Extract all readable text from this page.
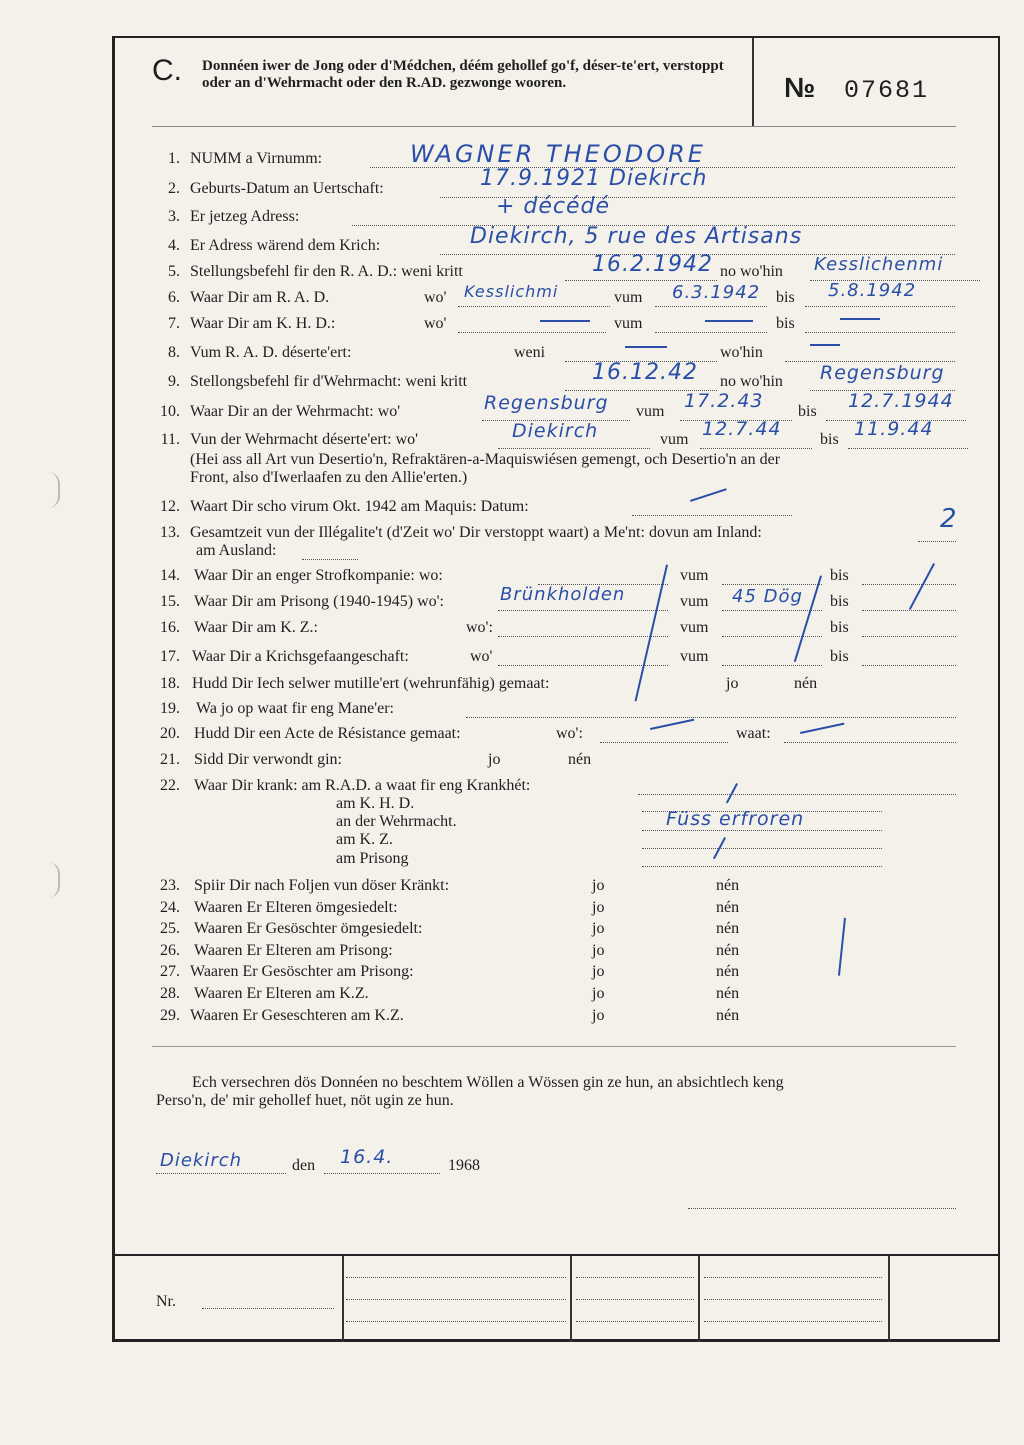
C. Donnéen iwer de Jong oder d'Médchen, déém gehollef go'f, déser-te'ert, verstoppt oder an d'Wehrmacht oder den R.AD. gezwonge wooren.	№ 07681
1. NUMM a Virnumm:	WAGNER THEODORE
2. Geburts-Datum an Uertschaft:	17.9.1921 Diekirch
3. Er jetzeg Adress:	+ décédé
4. Er Adress wärend dem Krich:	Diekirch, 5 rue des Artisans
5. Stellungsbefehl fir den R. A. D.: weni kritt	no wo'hin
16.2.1942	Kesslichenmi
6. Waar Dir am R. A. D.	wo'	vum	bis
Kesslichmi	6.3.1942	5.8.1942
7. Waar Dir am K. H. D.:	wo'	vum	bis
8. Vum R. A. D. déserte'ert:	weni	wo'hin
9. Stellongsbefehl fir d'Wehrmacht: weni kritt	no wo'hin
16.12.42	Regensburg
10. Waar Dir an der Wehrmacht: wo'	vum	bis
Regensburg	17.2.43	12.7.1944
11. Vun der Wehrmacht déserte'ert: wo'	vum	bis
Diekirch	12.7.44	11.9.44
(Hei ass all Art vun Desertio'n, Refraktären-a-Maquiswiésen gemengt, och Desertio'n an der
Front, also d'Iwerlaafen zu den Allie'erten.)
12. Waart Dir scho virum Okt. 1942 am Maquis: Datum:
13. Gesamtzeit vun der Illégalite't (d'Zeit wo' Dir verstoppt waart) a Me'nt: dovun am Inland:	2
am Ausland:
14. Waar Dir an enger Strofkompanie: wo:	vum	bis
15. Waar Dir am Prisong (1940-1945) wo':	vum	bis
Brünkholden	45 Dög
16. Waar Dir am K. Z.:	wo':	vum	bis
17. Waar Dir a Krichsgefaangeschaft:	wo'	vum	bis
18. Hudd Dir Iech selwer mutille'ert (wehrunfähig) gemaat:	jo	nén
19. Wa jo op waat fir eng Mane'er:
20. Hudd Dir een Acte de Résistance gemaat:	wo':	waat:
21. Sidd Dir verwondt gin:	jo	nén
22. Waar Dir krank: am R.A.D. a waat fir eng Krankhét:
am K. H. D.
an der Wehrmacht.
am K. Z.
am Prisong
Füss erfroren
23. Spiir Dir nach Foljen vun döser Kränkt:	jo	nén
24. Waaren Er Elteren ömgesiedelt:	jo	nén
25. Waaren Er Gesöschter ömgesiedelt:	jo	nén
26. Waaren Er Elteren am Prisong:	jo	nén
27. Waaren Er Gesöschter am Prisong:	jo	nén
28. Waaren Er Elteren am K.Z.	jo	nén
29. Waaren Er Geseschteren am K.Z.	jo	nén
Ech versechren dös Donnéen no beschtem Wöllen a Wössen gin ze hun, an absichtlech keng
Perso'n, de' mir gehollef huet, nöt ugin ze hun.
Diekirch	den 16.4.	1968
Nr.
